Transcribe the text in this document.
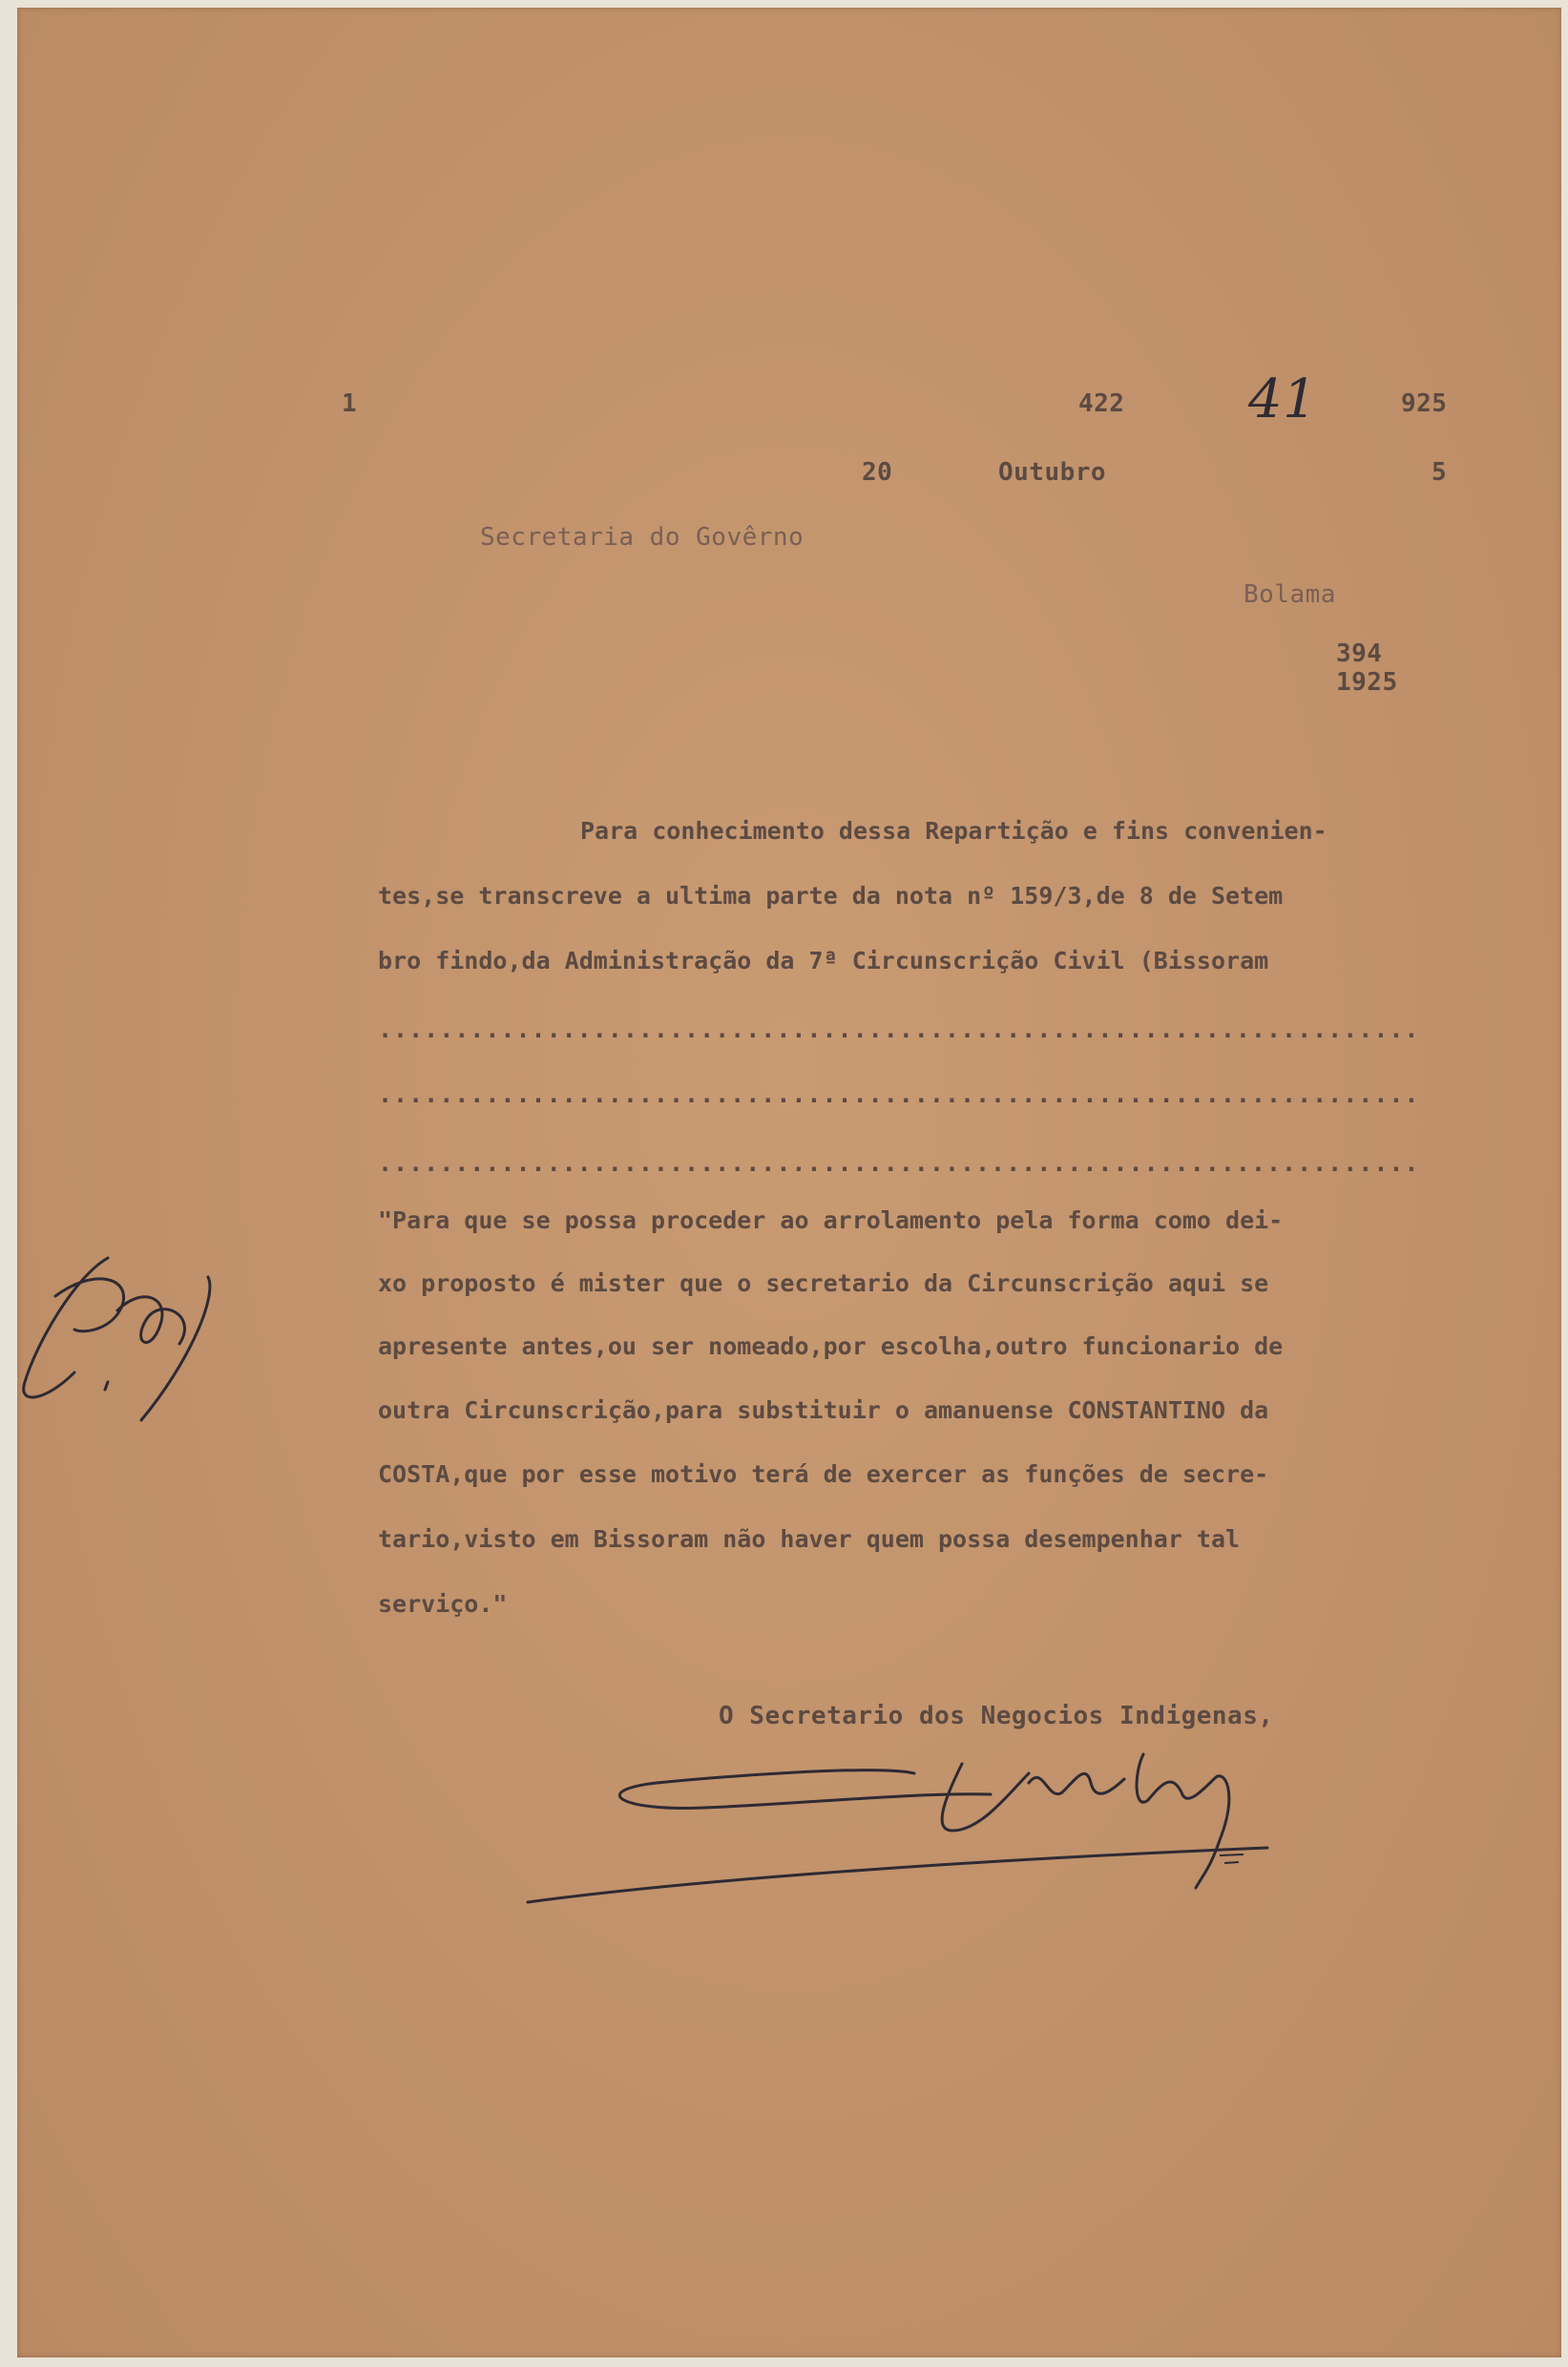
1	422 41	925
20	Outubro	5
Secretaria do Govêrno
Bolama
394
1925
Para conhecimento dessa Repartição e fins convenien-
tes,se transcreve a ultima parte da nota nº 159/3,de 8 de Setem
bro findo,da Administração da 7ª Circunscrição Civil (Bissoram
....................................................................
....................................................................
....................................................................
"Para que se possa proceder ao arrolamento pela forma como dei-
xo proposto é mister que o secretario da Circunscrição aqui se
apresente antes,ou ser nomeado,por escolha,outro funcionario de
outra Circunscrição,para substituir o amanuense CONSTANTINO da
COSTA,que por esse motivo terá de exercer as funções de secre-
tario,visto em Bissoram não haver quem possa desempenhar tal
serviço."
O Secretario dos Negocios Indigenas,
